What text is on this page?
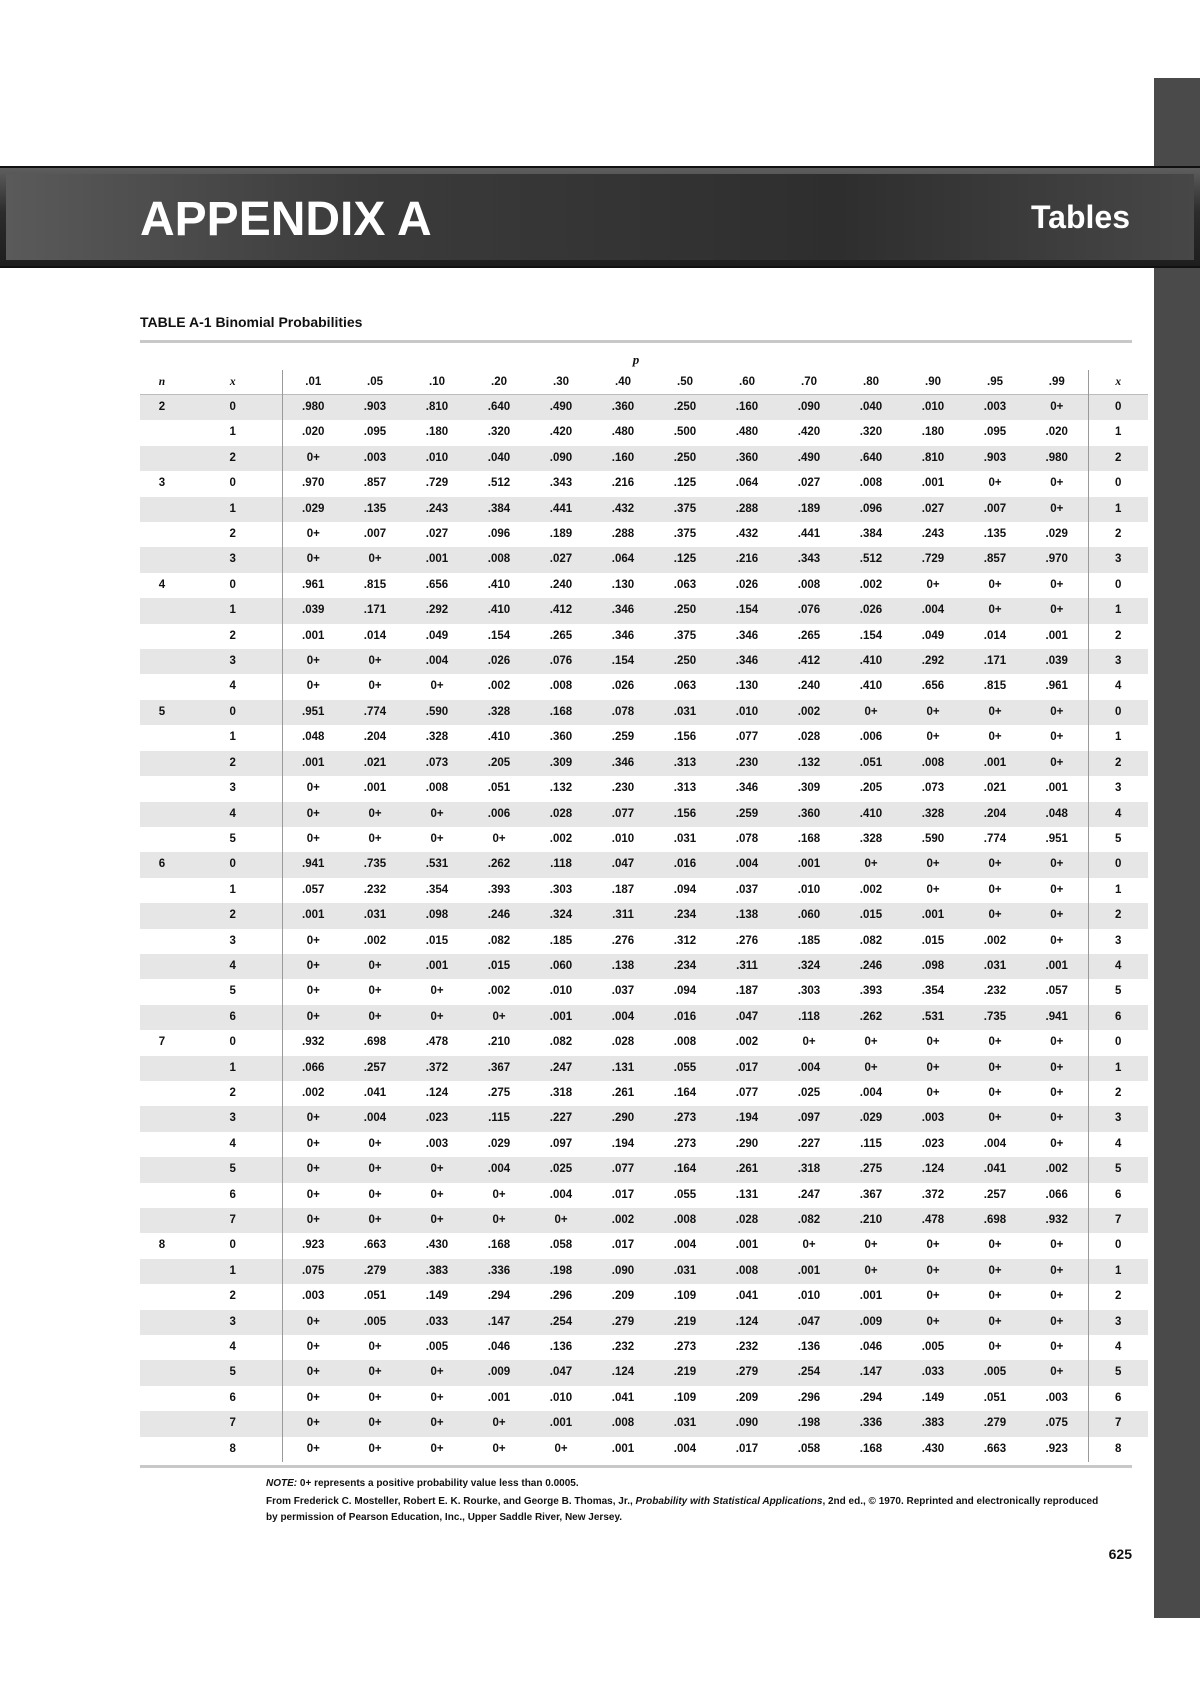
APPENDIX A	Tables
TABLE A-1 Binomial Probabilities
p
n	x	.01	.05	.10	.20	.30	.40	.50	.60	.70	.80	.90	.95	.99	x
2	0	.980	.903	.810	.640	.490	.360	.250	.160	.090	.040	.010	.003	0+	0
	1	.020	.095	.180	.320	.420	.480	.500	.480	.420	.320	.180	.095	.020	1
	2	0+	.003	.010	.040	.090	.160	.250	.360	.490	.640	.810	.903	.980	2
3	0	.970	.857	.729	.512	.343	.216	.125	.064	.027	.008	.001	0+	0+	0
	1	.029	.135	.243	.384	.441	.432	.375	.288	.189	.096	.027	.007	0+	1
	2	0+	.007	.027	.096	.189	.288	.375	.432	.441	.384	.243	.135	.029	2
	3	0+	0+	.001	.008	.027	.064	.125	.216	.343	.512	.729	.857	.970	3
4	0	.961	.815	.656	.410	.240	.130	.063	.026	.008	.002	0+	0+	0+	0
	1	.039	.171	.292	.410	.412	.346	.250	.154	.076	.026	.004	0+	0+	1
	2	.001	.014	.049	.154	.265	.346	.375	.346	.265	.154	.049	.014	.001	2
	3	0+	0+	.004	.026	.076	.154	.250	.346	.412	.410	.292	.171	.039	3
	4	0+	0+	0+	.002	.008	.026	.063	.130	.240	.410	.656	.815	.961	4
5	0	.951	.774	.590	.328	.168	.078	.031	.010	.002	0+	0+	0+	0+	0
	1	.048	.204	.328	.410	.360	.259	.156	.077	.028	.006	0+	0+	0+	1
	2	.001	.021	.073	.205	.309	.346	.313	.230	.132	.051	.008	.001	0+	2
	3	0+	.001	.008	.051	.132	.230	.313	.346	.309	.205	.073	.021	.001	3
	4	0+	0+	0+	.006	.028	.077	.156	.259	.360	.410	.328	.204	.048	4
	5	0+	0+	0+	0+	.002	.010	.031	.078	.168	.328	.590	.774	.951	5
6	0	.941	.735	.531	.262	.118	.047	.016	.004	.001	0+	0+	0+	0+	0
	1	.057	.232	.354	.393	.303	.187	.094	.037	.010	.002	0+	0+	0+	1
	2	.001	.031	.098	.246	.324	.311	.234	.138	.060	.015	.001	0+	0+	2
	3	0+	.002	.015	.082	.185	.276	.312	.276	.185	.082	.015	.002	0+	3
	4	0+	0+	.001	.015	.060	.138	.234	.311	.324	.246	.098	.031	.001	4
	5	0+	0+	0+	.002	.010	.037	.094	.187	.303	.393	.354	.232	.057	5
	6	0+	0+	0+	0+	.001	.004	.016	.047	.118	.262	.531	.735	.941	6
7	0	.932	.698	.478	.210	.082	.028	.008	.002	0+	0+	0+	0+	0+	0
	1	.066	.257	.372	.367	.247	.131	.055	.017	.004	0+	0+	0+	0+	1
	2	.002	.041	.124	.275	.318	.261	.164	.077	.025	.004	0+	0+	0+	2
	3	0+	.004	.023	.115	.227	.290	.273	.194	.097	.029	.003	0+	0+	3
	4	0+	0+	.003	.029	.097	.194	.273	.290	.227	.115	.023	.004	0+	4
	5	0+	0+	0+	.004	.025	.077	.164	.261	.318	.275	.124	.041	.002	5
	6	0+	0+	0+	0+	.004	.017	.055	.131	.247	.367	.372	.257	.066	6
	7	0+	0+	0+	0+	0+	.002	.008	.028	.082	.210	.478	.698	.932	7
8	0	.923	.663	.430	.168	.058	.017	.004	.001	0+	0+	0+	0+	0+	0
	1	.075	.279	.383	.336	.198	.090	.031	.008	.001	0+	0+	0+	0+	1
	2	.003	.051	.149	.294	.296	.209	.109	.041	.010	.001	0+	0+	0+	2
	3	0+	.005	.033	.147	.254	.279	.219	.124	.047	.009	0+	0+	0+	3
	4	0+	0+	.005	.046	.136	.232	.273	.232	.136	.046	.005	0+	0+	4
	5	0+	0+	0+	.009	.047	.124	.219	.279	.254	.147	.033	.005	0+	5
	6	0+	0+	0+	.001	.010	.041	.109	.209	.296	.294	.149	.051	.003	6
	7	0+	0+	0+	0+	.001	.008	.031	.090	.198	.336	.383	.279	.075	7
	8	0+	0+	0+	0+	0+	.001	.004	.017	.058	.168	.430	.663	.923	8
NOTE: 0+ represents a positive probability value less than 0.0005.
From Frederick C. Mosteller, Robert E. K. Rourke, and George B. Thomas, Jr., Probability with Statistical Applications, 2nd ed., © 1970. Reprinted and electronically reproduced by permission of Pearson Education, Inc., Upper Saddle River, New Jersey.
625
